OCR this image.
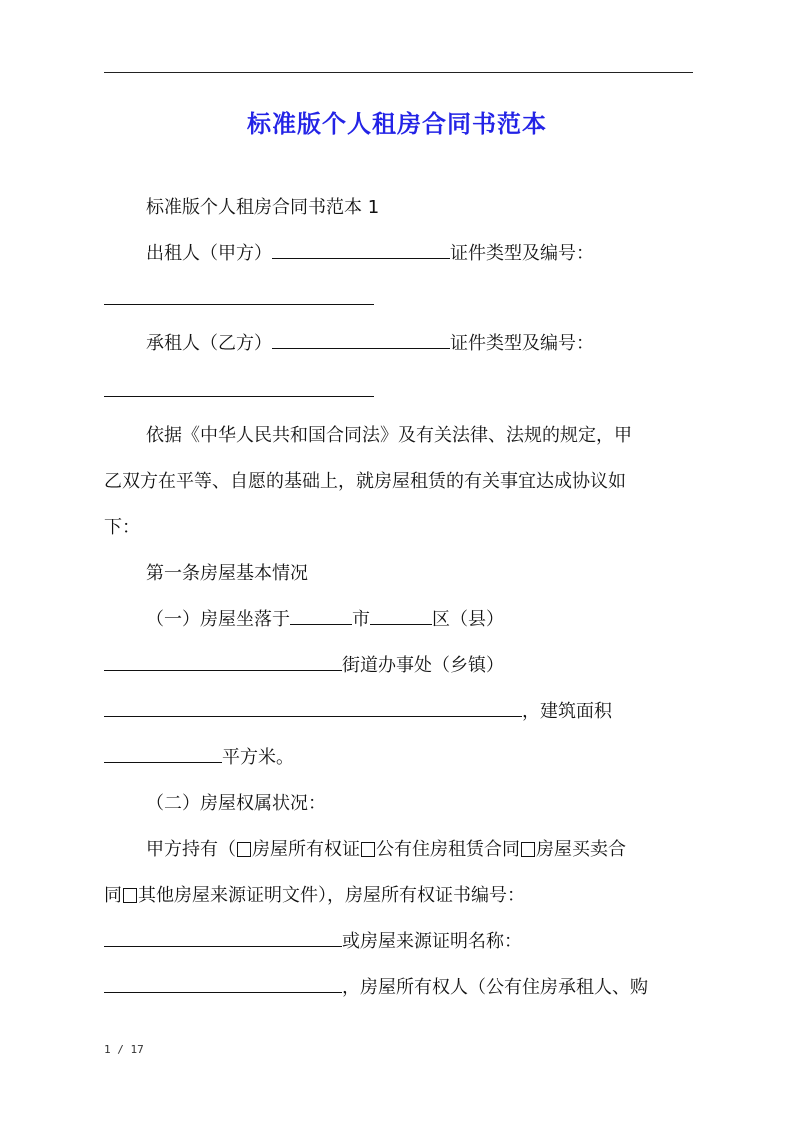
标准版个人租房合同书范本
标准版个人租房合同书范本 1
出租人（甲方）	证件类型及编号：
承租人（乙方）	证件类型及编号：
依据《中华人民共和国合同法》及有关法律、法规的规定，甲
乙双方在平等、自愿的基础上，就房屋租赁的有关事宜达成协议如
下：
第一条房屋基本情况
（一）房屋坐落于	市	区（县）
街道办事处（乡镇）
，建筑面积
平方米。
（二）房屋权属状况：
甲方持有（ 房屋所有权证 公有住房租赁合同 房屋买卖合
同 其他房屋来源证明文件），房屋所有权证书编号：
或房屋来源证明名称：
，房屋所有权人（公有住房承租人、购
1 / 17
